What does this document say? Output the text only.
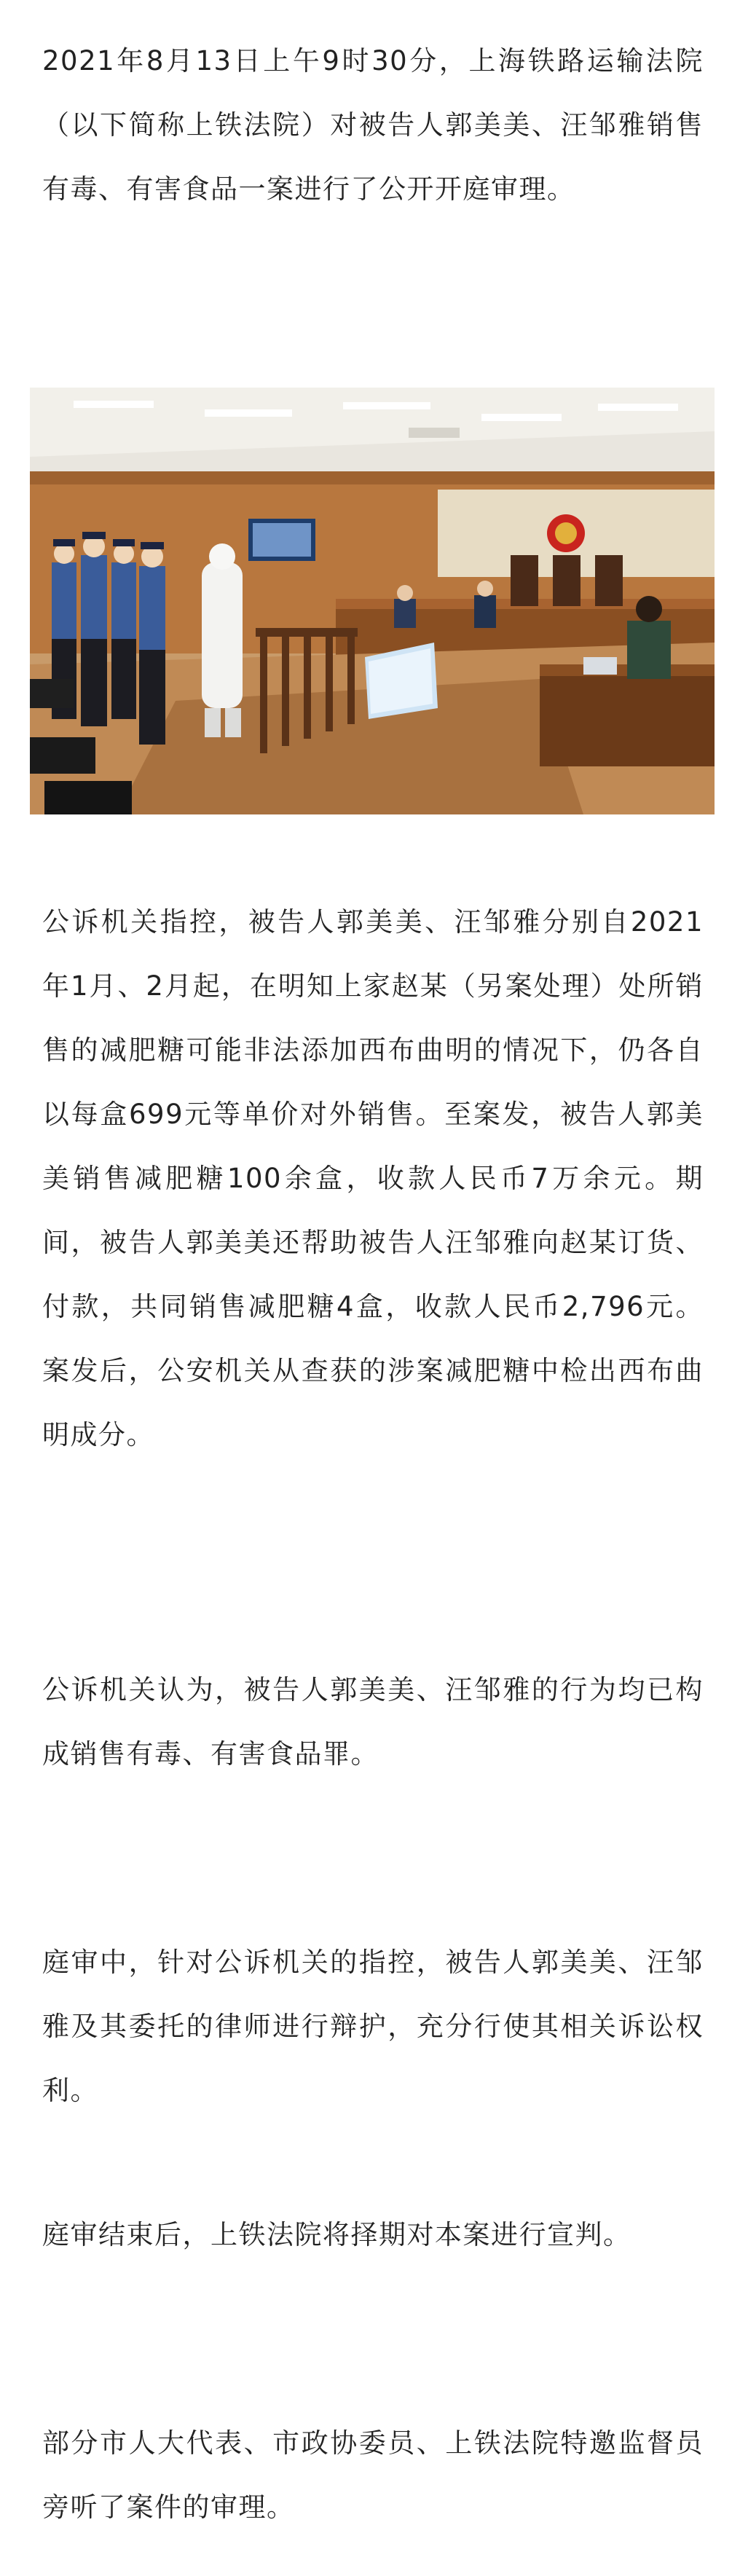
2021年8月13日上午9时30分，上海铁路运输法院（以下简称上铁法院）对被告人郭美美、汪邹雅销售有毒、有害食品一案进行了公开开庭审理。

公诉机关指控，被告人郭美美、汪邹雅分别自2021年1月、2月起，在明知上家赵某（另案处理）处所销售的减肥糖可能非法添加西布曲明的情况下，仍各自以每盒699元等单价对外销售。至案发，被告人郭美美销售减肥糖100余盒，收款人民币7万余元。期间，被告人郭美美还帮助被告人汪邹雅向赵某订货、付款，共同销售减肥糖4盒，收款人民币2,796元。案发后，公安机关从查获的涉案减肥糖中检出西布曲明成分。

公诉机关认为，被告人郭美美、汪邹雅的行为均已构成销售有毒、有害食品罪。

庭审中，针对公诉机关的指控，被告人郭美美、汪邹雅及其委托的律师进行辩护，充分行使其相关诉讼权利。

庭审结束后，上铁法院将择期对本案进行宣判。

部分市人大代表、市政协委员、上铁法院特邀监督员旁听了案件的审理。
